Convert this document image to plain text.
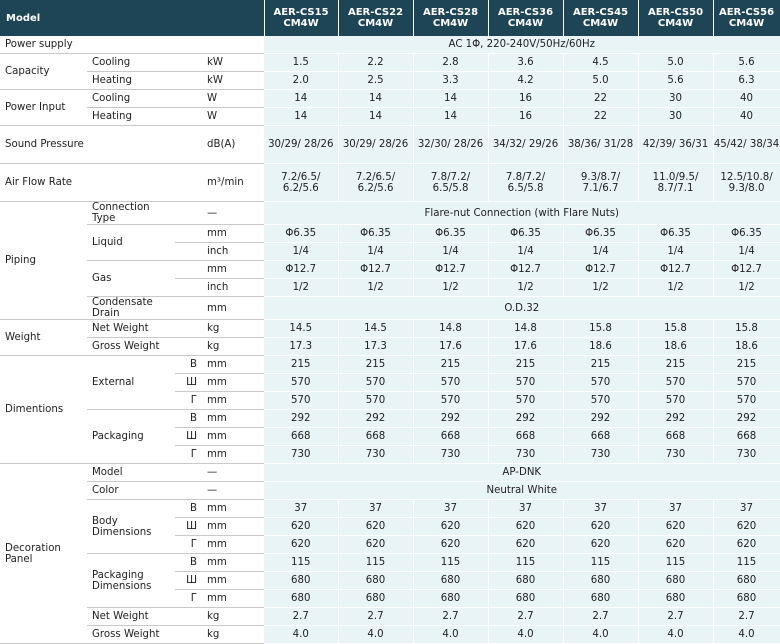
Model				AER-CS15 CM4W	AER-CS22 CM4W	AER-CS28 CM4W	AER-CS36 CM4W	AER-CS45 CM4W	AER-CS50 CM4W	AER-CS56 CM4W
Power supply				AC 1Φ, 220-240V/50Hz/60Hz						
Capacity	Cooling		kW	1.5	2.2	2.8	3.6	4.5	5.0	5.6
	Heating		kW	2.0	2.5	3.3	4.2	5.0	5.6	6.3
Power Input	Cooling		W	14	14	14	16	22	30	40
	Heating		W	14	14	14	16	22	30	40
Sound Pressure			dB(A)	30/29/ 28/26	30/29/ 28/26	32/30/ 28/26	34/32/ 29/26	38/36/ 31/28	42/39/ 36/31	45/42/ 38/34
Air Flow Rate			m³/min	7.2/6.5/ 6.2/5.6	7.2/6.5/ 6.2/5.6	7.8/7.2/ 6.5/5.8	7.8/7.2/ 6.5/5.8	9.3/8.7/ 7.1/6.7	11.0/9.5/ 8.7/7.1	12.5/10.8/ 9.3/8.0
Piping	Connection Type		—	Flare-nut Connection (with Flare Nuts)						
	Liquid		mm	Φ6.35	Φ6.35	Φ6.35	Φ6.35	Φ6.35	Φ6.35	Φ6.35
			inch	1/4	1/4	1/4	1/4	1/4	1/4	1/4
	Gas		mm	Φ12.7	Φ12.7	Φ12.7	Φ12.7	Φ12.7	Φ12.7	Φ12.7
			inch	1/2	1/2	1/2	1/2	1/2	1/2	1/2
	Condensate Drain		mm	O.D.32						
Weight	Net Weight		kg	14.5	14.5	14.8	14.8	15.8	15.8	15.8
	Gross Weight		kg	17.3	17.3	17.6	17.6	18.6	18.6	18.6
Dimentions	External	В	mm	215	215	215	215	215	215	215
		Ш	mm	570	570	570	570	570	570	570
		Г	mm	570	570	570	570	570	570	570
	Packaging	В	mm	292	292	292	292	292	292	292
		Ш	mm	668	668	668	668	668	668	668
		Г	mm	730	730	730	730	730	730	730
Decoration Panel	Model		—	AP-DNK						
	Color		—	Neutral White						
	Body Dimensions	В	mm	37	37	37	37	37	37	37
		Ш	mm	620	620	620	620	620	620	620
		Г	mm	620	620	620	620	620	620	620
	Packaging Dimensions	В	mm	115	115	115	115	115	115	115
		Ш	mm	680	680	680	680	680	680	680
		Г	mm	680	680	680	680	680	680	680
	Net Weight		kg	2.7	2.7	2.7	2.7	2.7	2.7	2.7
	Gross Weight		kg	4.0	4.0	4.0	4.0	4.0	4.0	4.0
